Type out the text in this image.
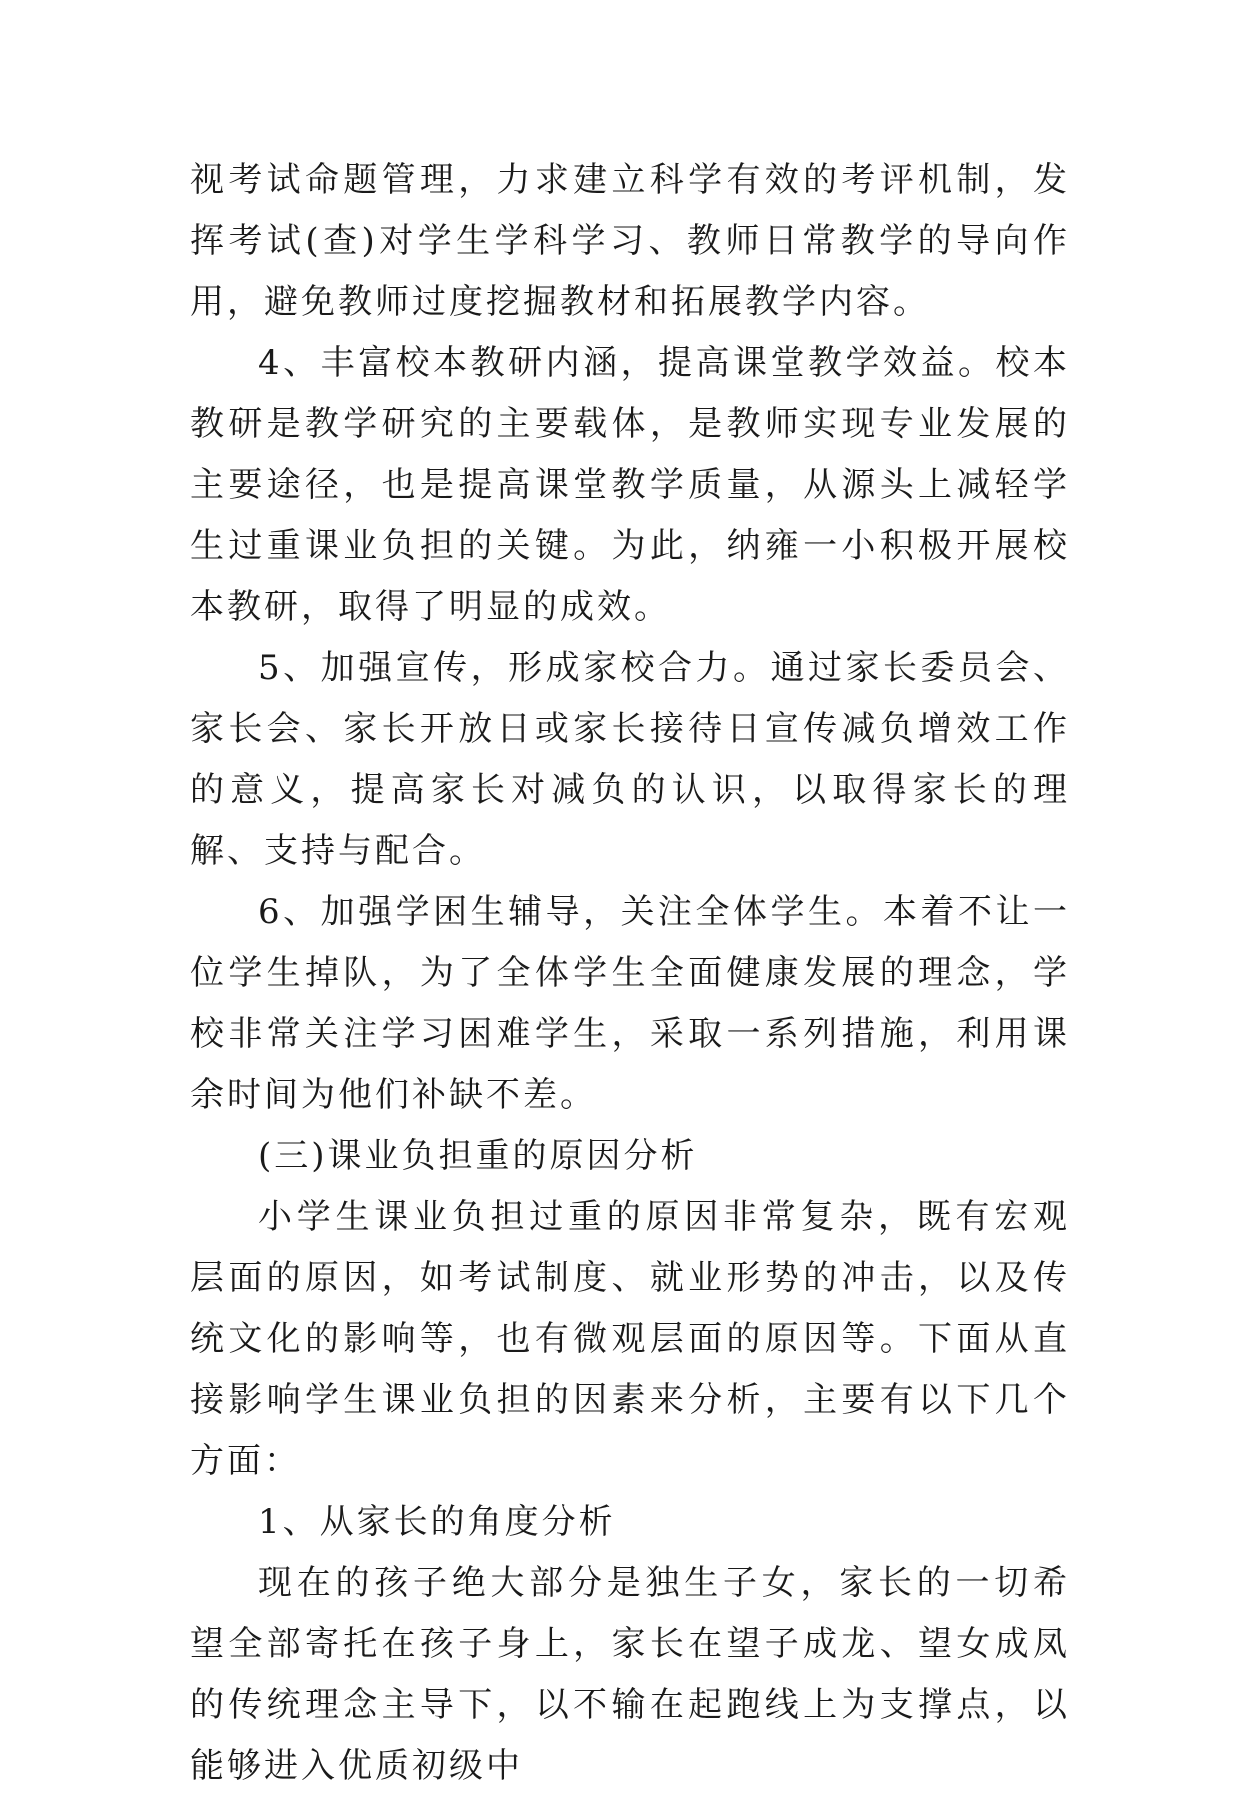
视考试命题管理，力求建立科学有效的考评机制，发挥考试(查)对学生学科学习、教师日常教学的导向作用，避免教师过度挖掘教材和拓展教学内容。

4、丰富校本教研内涵，提高课堂教学效益。校本教研是教学研究的主要载体，是教师实现专业发展的主要途径，也是提高课堂教学质量，从源头上减轻学生过重课业负担的关键。为此，纳雍一小积极开展校本教研，取得了明显的成效。

5、加强宣传，形成家校合力。通过家长委员会、家长会、家长开放日或家长接待日宣传减负增效工作的意义，提高家长对减负的认识，以取得家长的理解、支持与配合。

6、加强学困生辅导，关注全体学生。本着不让一位学生掉队，为了全体学生全面健康发展的理念，学校非常关注学习困难学生，采取一系列措施，利用课余时间为他们补缺不差。

(三)课业负担重的原因分析

小学生课业负担过重的原因非常复杂，既有宏观层面的原因，如考试制度、就业形势的冲击，以及传统文化的影响等，也有微观层面的原因等。下面从直接影响学生课业负担的因素来分析，主要有以下几个方面：

1、从家长的角度分析

现在的孩子绝大部分是独生子女，家长的一切希望全部寄托在孩子身上，家长在望子成龙、望女成凤的传统理念主导下，以不输在起跑线上为支撑点，以能够进入优质初级中
